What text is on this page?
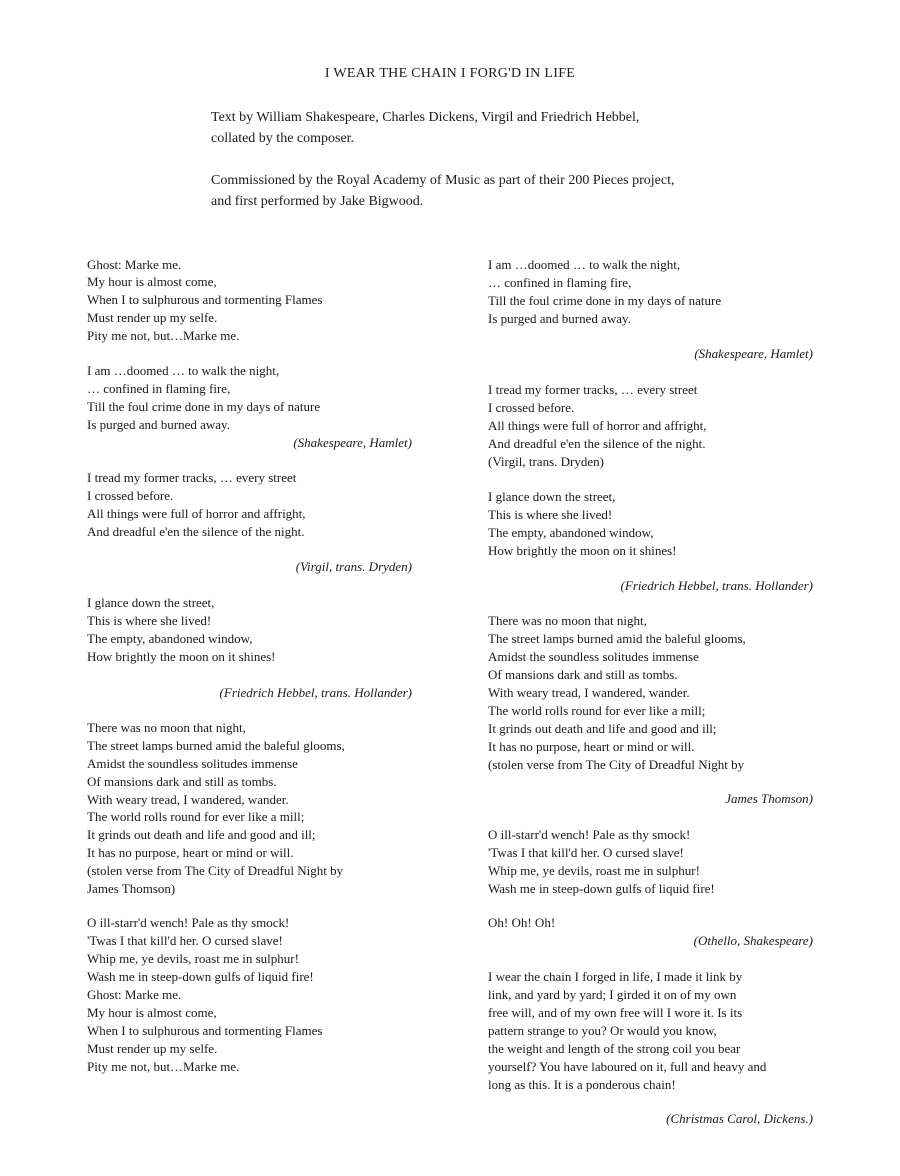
I WEAR THE CHAIN I FORG'D IN LIFE
Text by William Shakespeare, Charles Dickens, Virgil and Friedrich Hebbel, collated by the composer.
Commissioned by the Royal Academy of Music as part of their 200 Pieces project, and first performed by Jake Bigwood.
Ghost: Marke me.
My hour is almost come,
When I to sulphurous and tormenting Flames
Must render up my selfe.
Pity me not, but…Marke me.
I am …doomed … to walk the night,
… confined in flaming fire,
Till the foul crime done in my days of nature
Is purged and burned away.
(Shakespeare, Hamlet)
I tread my former tracks, … every street
I crossed before.
All things were full of horror and affright,
And dreadful e'en the silence of the night.
(Virgil, trans. Dryden)
I glance down the street,
This is where she lived!
The empty, abandoned window,
How brightly the moon on it shines!
(Friedrich Hebbel, trans. Hollander)
There was no moon that night,
The street lamps burned amid the baleful glooms,
Amidst the soundless solitudes immense
Of mansions dark and still as tombs.
With weary tread, I wandered, wander.
The world rolls round for ever like a mill;
It grinds out death and life and good and ill;
It has no purpose, heart or mind or will.
(stolen verse from The City of Dreadful Night by
James Thomson)
O ill-starr'd wench! Pale as thy smock!
'Twas I that kill'd her. O cursed slave!
Whip me, ye devils, roast me in sulphur!
Wash me in steep-down gulfs of liquid fire!
Ghost: Marke me.
My hour is almost come,
When I to sulphurous and tormenting Flames
Must render up my selfe.
Pity me not, but…Marke me.
I am …doomed … to walk the night,
… confined in flaming fire,
Till the foul crime done in my days of nature
Is purged and burned away.
(Shakespeare, Hamlet)
I tread my former tracks, … every street
I crossed before.
All things were full of horror and affright,
And dreadful e'en the silence of the night.
(Virgil, trans. Dryden)
I glance down the street,
This is where she lived!
The empty, abandoned window,
How brightly the moon on it shines!
(Friedrich Hebbel, trans. Hollander)
There was no moon that night,
The street lamps burned amid the baleful glooms,
Amidst the soundless solitudes immense
Of mansions dark and still as tombs.
With weary tread, I wandered, wander.
The world rolls round for ever like a mill;
It grinds out death and life and good and ill;
It has no purpose, heart or mind or will.
(stolen verse from The City of Dreadful Night by
James Thomson)
O ill-starr'd wench! Pale as thy smock!
'Twas I that kill'd her. O cursed slave!
Whip me, ye devils, roast me in sulphur!
Wash me in steep-down gulfs of liquid fire!
Oh! Oh! Oh!
(Othello, Shakespeare)
I wear the chain I forged in life, I made it link by
link, and yard by yard; I girded it on of my own
free will, and of my own free will I wore it. Is its
pattern strange to you? Or would you know,
the weight and length of the strong coil you bear
yourself? You have laboured on it, full and heavy and
long as this. It is a ponderous chain!
(Christmas Carol, Dickens.)
